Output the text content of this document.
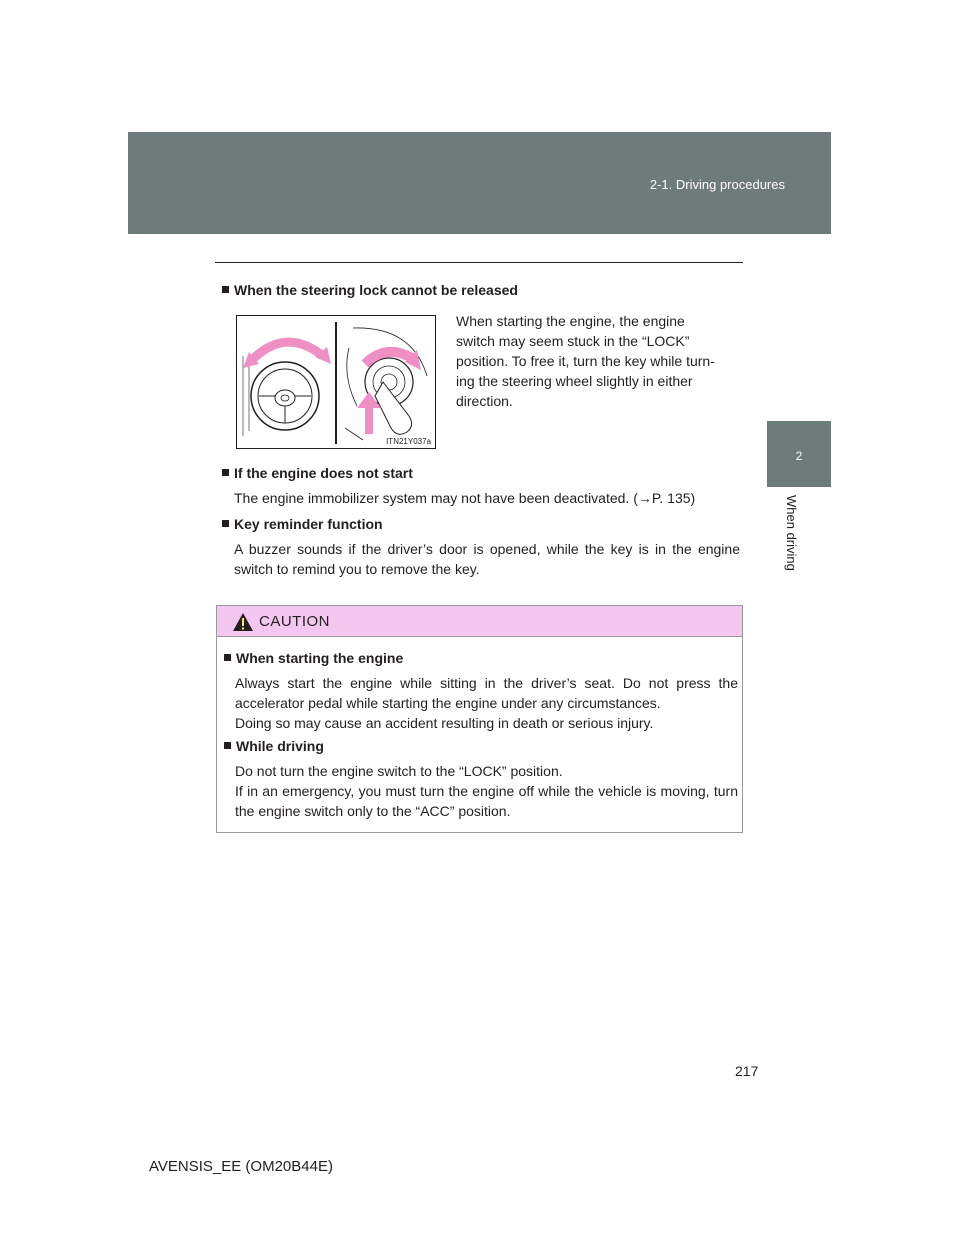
2-1. Driving procedures
2
When driving
When the steering lock cannot be released
ITN21Y037a
When starting the engine, the engine
switch may seem stuck in the “LOCK”
position. To free it, turn the key while turn-
ing the steering wheel slightly in either
direction.
If the engine does not start
The engine immobilizer system may not have been deactivated. (→P. 135)
Key reminder function
A buzzer sounds if the driver’s door is opened, while the key is in the engine switch to remind you to remove the key.
CAUTION
When starting the engine
Always start the engine while sitting in the driver’s seat. Do not press the accelerator pedal while starting the engine under any circumstances.
Doing so may cause an accident resulting in death or serious injury.
While driving
Do not turn the engine switch to the “LOCK” position.
If in an emergency, you must turn the engine off while the vehicle is moving, turn the engine switch only to the “ACC” position.
217
AVENSIS_EE (OM20B44E)
